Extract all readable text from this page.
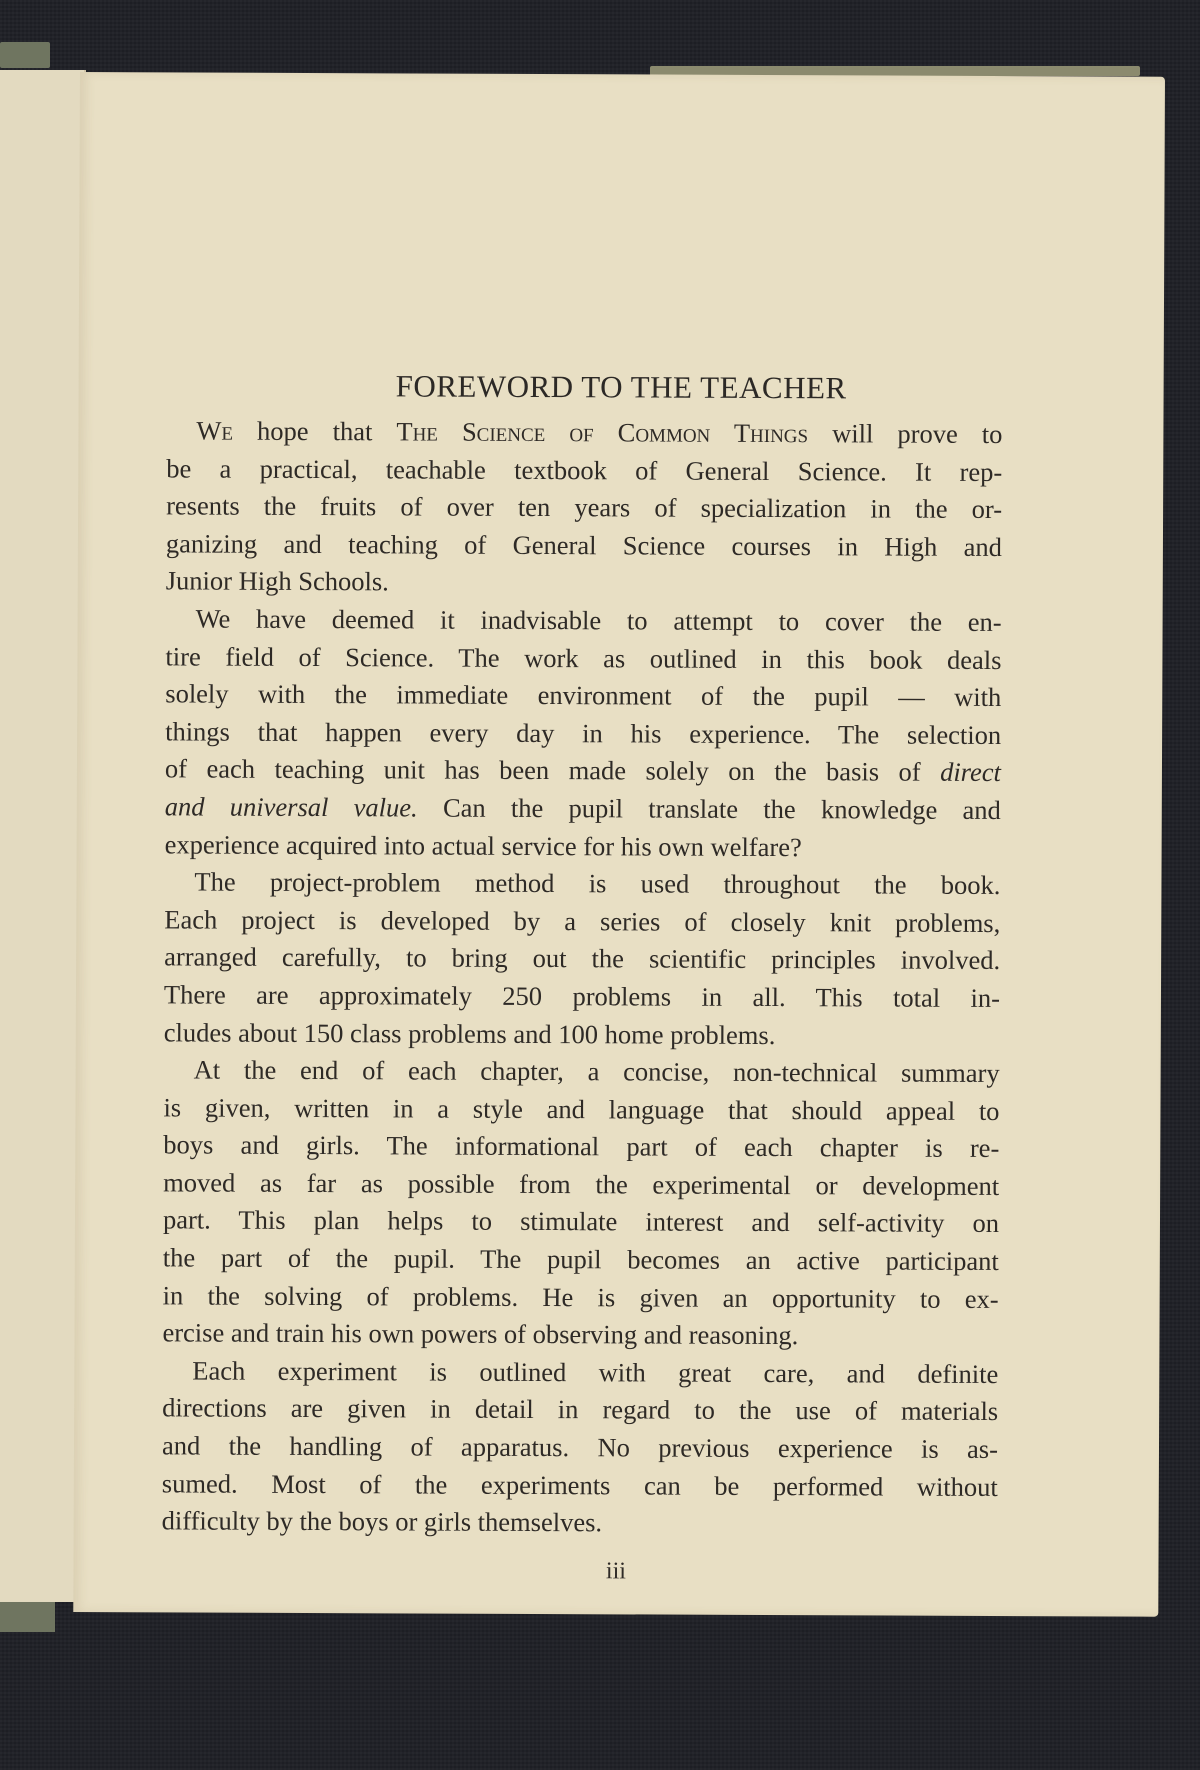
FOREWORD TO THE TEACHER
We hope that The Science of Common Things will prove to
be a practical, teachable textbook of General Science. It rep-
resents the fruits of over ten years of specialization in the or-
ganizing and teaching of General Science courses in High and
Junior High Schools.
We have deemed it inadvisable to attempt to cover the en-
tire field of Science. The work as outlined in this book deals
solely with the immediate environment of the pupil — with
things that happen every day in his experience. The selection
of each teaching unit has been made solely on the basis of direct
and universal value. Can the pupil translate the knowledge and
experience acquired into actual service for his own welfare?
The project-problem method is used throughout the book.
Each project is developed by a series of closely knit problems,
arranged carefully, to bring out the scientific principles involved.
There are approximately 250 problems in all. This total in-
cludes about 150 class problems and 100 home problems.
At the end of each chapter, a concise, non-technical summary
is given, written in a style and language that should appeal to
boys and girls. The informational part of each chapter is re-
moved as far as possible from the experimental or development
part. This plan helps to stimulate interest and self-activity on
the part of the pupil. The pupil becomes an active participant
in the solving of problems. He is given an opportunity to ex-
ercise and train his own powers of observing and reasoning.
Each experiment is outlined with great care, and definite
directions are given in detail in regard to the use of materials
and the handling of apparatus. No previous experience is as-
sumed. Most of the experiments can be performed without
difficulty by the boys or girls themselves.
iii
